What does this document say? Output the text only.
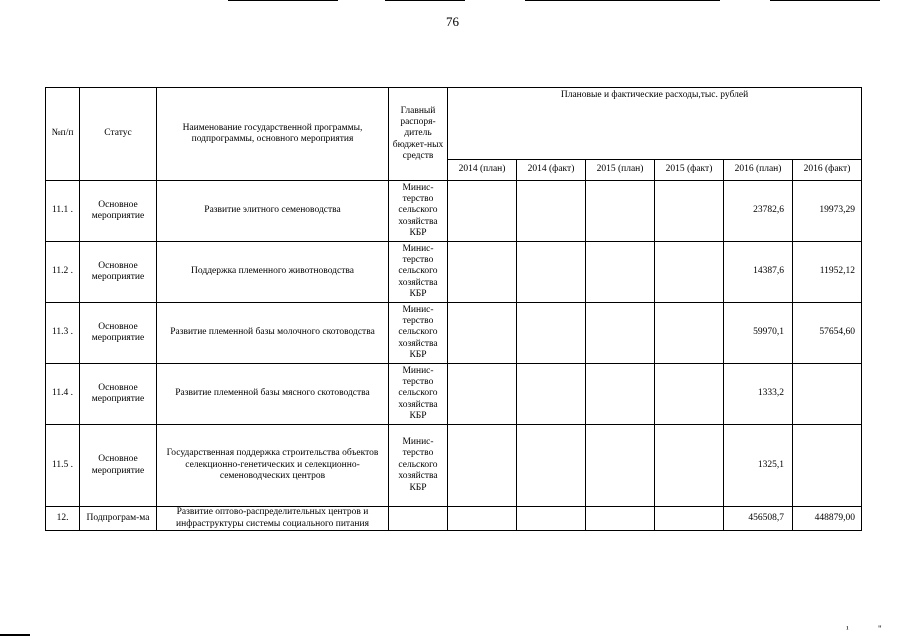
76
№п/п	Статус	Наименование государственной программы, подпрограммы, основного мероприятия	Главный распоря-дитель бюджет-ных средств	Плановые и фактические расходы,тыс. рублей					
				2014 (план)	2014 (факт)	2015 (план)	2015 (факт)	2016 (план)	2016 (факт)
11.1 .	Основное мероприятие	Развитие элитного семеноводства	Минис-терство сельского хозяйства КБР					23782,6	19973,29
11.2 .	Основное мероприятие	Поддержка племенного животноводства	Минис-терство сельского хозяйства КБР					14387,6	11952,12
11.3 .	Основное мероприятие	Развитие племенной базы молочного скотоводства	Минис-терство сельского хозяйства КБР					59970,1	57654,60
11.4 .	Основное мероприятие	Развитие племенной базы мясного скотоводства	Минис-терство сельского хозяйства КБР					1333,2	
11.5 .	Основное мероприятие	Государственная поддержка строительства объектов селекционно-генетических и селекционно-семеноводческих центров	Минис-терство сельского хозяйства КБР					1325,1	
12.	Подпрограм-ма	Развитие оптово-распределительных центров и инфраструктуры системы социального питания						456508,7	448879,00
¹	"
